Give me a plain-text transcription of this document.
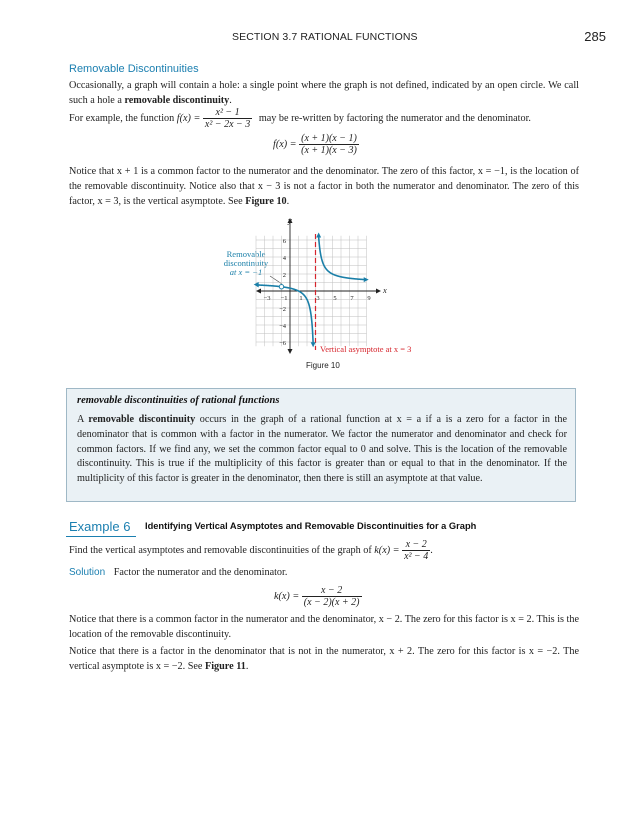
SECTION 3.7 RATIONAL FUNCTIONS	285
Removable Discontinuities
Occasionally, a graph will contain a hole: a single point where the graph is not defined, indicated by an open circle. We call such a hole a removable discontinuity.
For example, the function $f(x) = \frac{\text{x² − 1}}{\text{x² − 2x − 3}}$ may be re-written by factoring the numerator and the denominator.
$f(x) = \frac{(x + 1)(x - 1)}{(x + 1)(x - 3)}$
Notice that x + 1 is a common factor to the numerator and the denominator. The zero of this factor, x = −1, is the location of the removable discontinuity. Notice also that x − 3 is not a factor in both the numerator and denominator. The zero of this factor, x = 3, is the vertical asymptote. See Figure 10.
Removable
discontinuity
at x = −1
x
y
−3 −1 1 3 5 7 9
6
4
2
−2
−4
−6
Vertical asymptote at x = 3
Figure 10
removable discontinuities of rational functions
A removable discontinuity occurs in the graph of a rational function at x = a if a is a zero for a factor in the denominator that is common with a factor in the numerator. We factor the numerator and denominator and check for common factors. If we find any, we set the common factor equal to 0 and solve. This is the location of the removable discontinuity. This is true if the multiplicity of this factor is greater than or equal to that in the denominator. If the multiplicity of this factor is greater in the denominator, then there is still an asymptote at that value.
Example 6 Identifying Vertical Asymptotes and Removable Discontinuities for a Graph
Find the vertical asymptotes and removable discontinuities of the graph of $k(x) = \frac{x - 2}{\text{x² − 4}}$ .
Solution Factor the numerator and the denominator.
$k(x) = \frac{x - 2}{(x - 2)(x + 2)}$
Notice that there is a common factor in the numerator and the denominator, x − 2. The zero for this factor is x = 2. This is the location of the removable discontinuity.
Notice that there is a factor in the denominator that is not in the numerator, x + 2. The zero for this factor is x = −2. The vertical asymptote is x = −2. See Figure 11.
